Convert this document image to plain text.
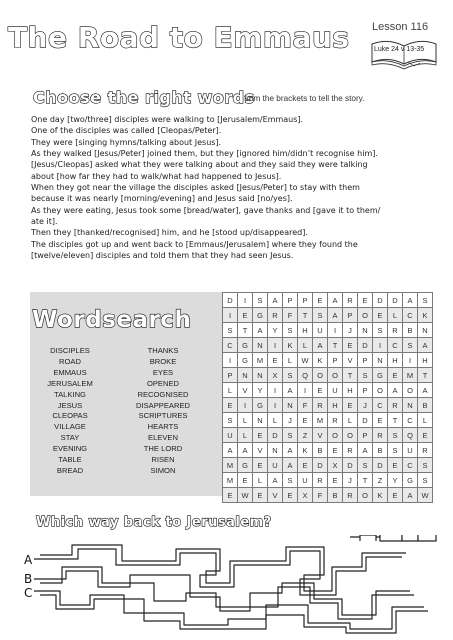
The Road to Emmaus Lesson 116
Luke 24 v 13-35
Choose the right words
from the brackets to tell the story.
One day [two/three] disciples were walking to [Jerusalem/Emmaus].
One of the disciples was called [Cleopas/Peter].
They were [singing hymns/talking about Jesus].
As they walked [Jesus/Peter] joined them, but they [ignored him/didn’t recognise him].
[Jesus/Cleopas] asked what they were talking about and they said they were talking
about [how far they had to walk/what had happened to Jesus].
When they got near the village the disciples asked [Jesus/Peter] to stay with them
because it was nearly [morning/evening] and Jesus said [no/yes].
As they were eating, Jesus took some [bread/water], gave thanks and [gave it to them/
ate it].
Then they [thanked/recognised] him, and he [stood up/disappeared].
The disciples got up and went back to [Emmaus/Jerusalem] where they found the
[twelve/eleven] disciples and told them that they had seen Jesus.
Wordsearch
DISCIPLES
ROAD
EMMAUS
JERUSALEM
TALKING
JESUS
CLEOPAS
VILLAGE
STAY
EVENING
TABLE
BREAD
THANKS
BROKE
EYES
OPENED
RECOGNISED
DISAPPEARED
SCRIPTURES
HEARTS
ELEVEN
THE LORD
RISEN
SIMON
D	I	S	A	P	P	E	A	R	E	D	D	A	S
I	E	G	R	F	T	S	A	P	O	E	L	C	K
S	T	A	Y	S	H	U	I	J	N	S	R	B	N
C	G	N	I	K	L	A	T	E	D	I	C	S	A
I	G	M	E	L	W	K	P	V	P	N	H	I	H
P	N	N	X	S	Q	O	O	T	S	G	E	M	T
L	V	Y	I	A	I	E	U	H	P	O	A	O	A
E	I	G	I	N	F	R	H	E	J	C	R	N	B
S	L	N	L	J	E	M	R	L	D	E	T	C	L
U	L	E	D	S	Z	V	O	O	P	R	S	Q	E
A	A	V	N	A	K	B	E	R	A	B	S	U	R
M	G	E	U	A	E	D	X	D	S	D	E	C	S
M	E	L	A	S	U	R	E	J	T	Z	Y	G	S
E	W	E	V	E	X	F	B	R	O	K	E	A	W
Which way back to Jerusalem?
A
B
C
